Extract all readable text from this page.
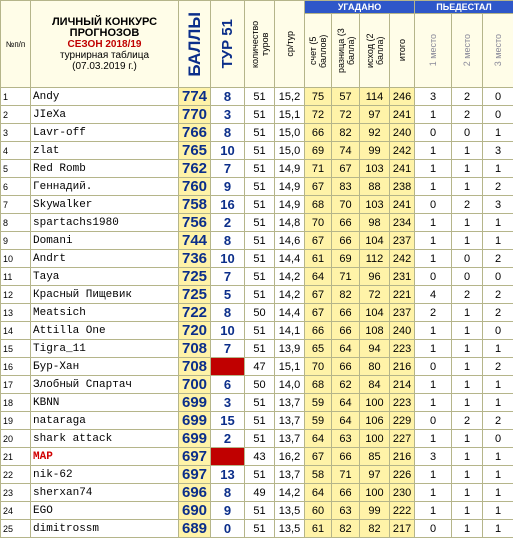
№п/п	ЛИЧНЫЙ КОНКУРС
ПРОГНОЗОВ
СЕЗОН 2018/19
турнирная таблица
(07.03.2019 г.)	БАЛЛЫ	ТУР 51	количество туров	ср/тур	УГАДАНО				ПЬЕДЕСТАЛ		

						счет (5 баллов)	разница (3 балла)	исход (2 балла)	итого	1 место	2 место	3 место

1	Andy	774	8	51	15,2	75	57	114	246	3	2	0
2	JIeXa	770	3	51	15,1	72	72	97	241	1	2	0
3	Lavr-off	766	8	51	15,0	66	82	92	240	0	0	1
4	zlat	765	10	51	15,0	69	74	99	242	1	1	3
5	Red Romb	762	7	51	14,9	71	67	103	241	1	1	1
6	Геннадий.	760	9	51	14,9	67	83	88	238	1	1	2
7	Skywalker	758	16	51	14,9	68	70	103	241	0	2	3
8	spartachs1980	756	2	51	14,8	70	66	98	234	1	1	1
9	Domani	744	8	51	14,6	67	66	104	237	1	1	1
10	Andrt	736	10	51	14,4	61	69	112	242	1	0	2
11	Taya	725	7	51	14,2	64	71	96	231	0	0	0
12	Красный Пищевик	725	5	51	14,2	67	82	72	221	4	2	2
13	Meatsich	722	8	50	14,4	67	66	104	237	2	1	2
14	Attilla One	720	10	51	14,1	66	66	108	240	1	1	0
15	Tigra_11	708	7	51	13,9	65	64	94	223	1	1	1
16	Бур-Хан	708		47	15,1	70	66	80	216	0	1	2
17	Злобный Спартач	700	6	50	14,0	68	62	84	214	1	1	1
18	KBNN	699	3	51	13,7	59	64	100	223	1	1	1
19	nataraga	699	15	51	13,7	59	64	106	229	0	2	2
20	shark attack	699	2	51	13,7	64	63	100	227	1	1	0
21	MAP	697		43	16,2	67	66	85	216	3	1	1
22	nik-62	697	13	51	13,7	58	71	97	226	1	1	1
23	sherxan74	696	8	49	14,2	64	66	100	230	1	1	1
24	EGO	690	9	51	13,5	60	63	99	222	1	1	1
25	dimitrossm	689	0	51	13,5	61	82	82	217	0	1	1
